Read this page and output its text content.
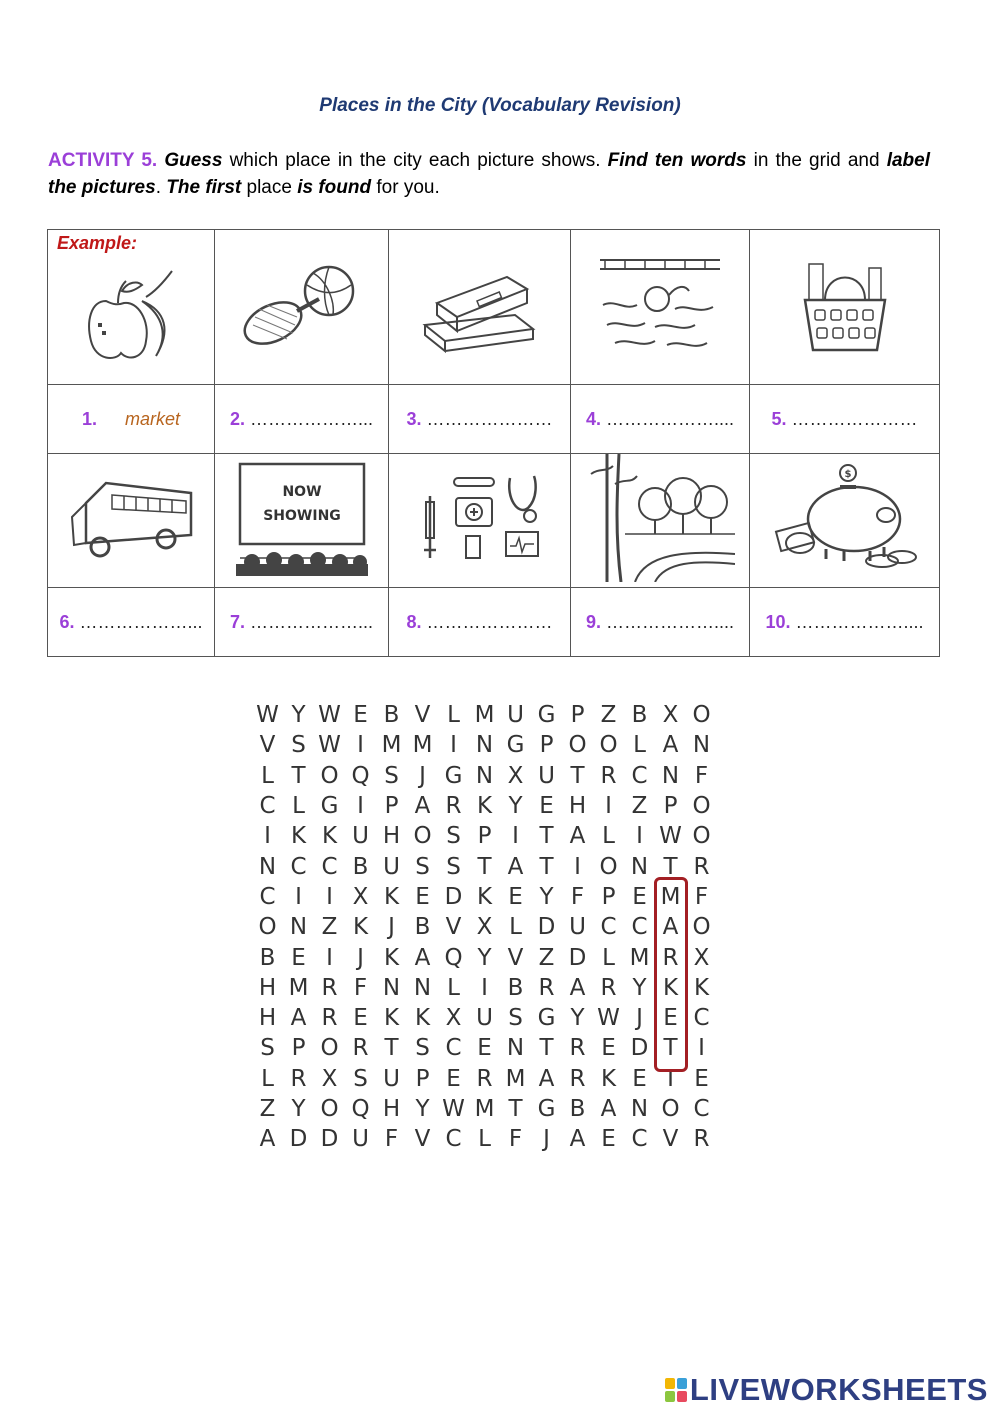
Places in the City (Vocabulary Revision)
ACTIVITY 5. Guess which place in the city each picture shows. Find ten words in the grid and label the pictures. The first place is found for you.
Example:

1. market	2. ………………...	3. …………………	4. ………………....	5. …………………

NOW
SHOWING			$

6. ………………...	7. ………………...	8. …………………	9. ………………....	10. ………………....
W Y W E B V L M U G P Z B X O
V S W I M M I N G P O O L A N
L T O Q S J G N X U T R C N F
C L G I P A R K Y E H I Z P O
I K K U H O S P I T A L I W O
N C C B U S S T A T I O N T R
C I	I X K E D K E Y F P E M F
O N Z K J B V X L D U C C A O
B E I	J K A Q Y V Z D L M R X
H M R F N N L I B R A R Y K K
H A R E K K X U S G Y W J E C
S P O R T S C E N T R E D T I
L R X S U P E R M A R K E T E
Z Y O Q H Y W M T G B A N O C
A D D U F V C L F J A E C V R
LIVEWORKSHEETS
